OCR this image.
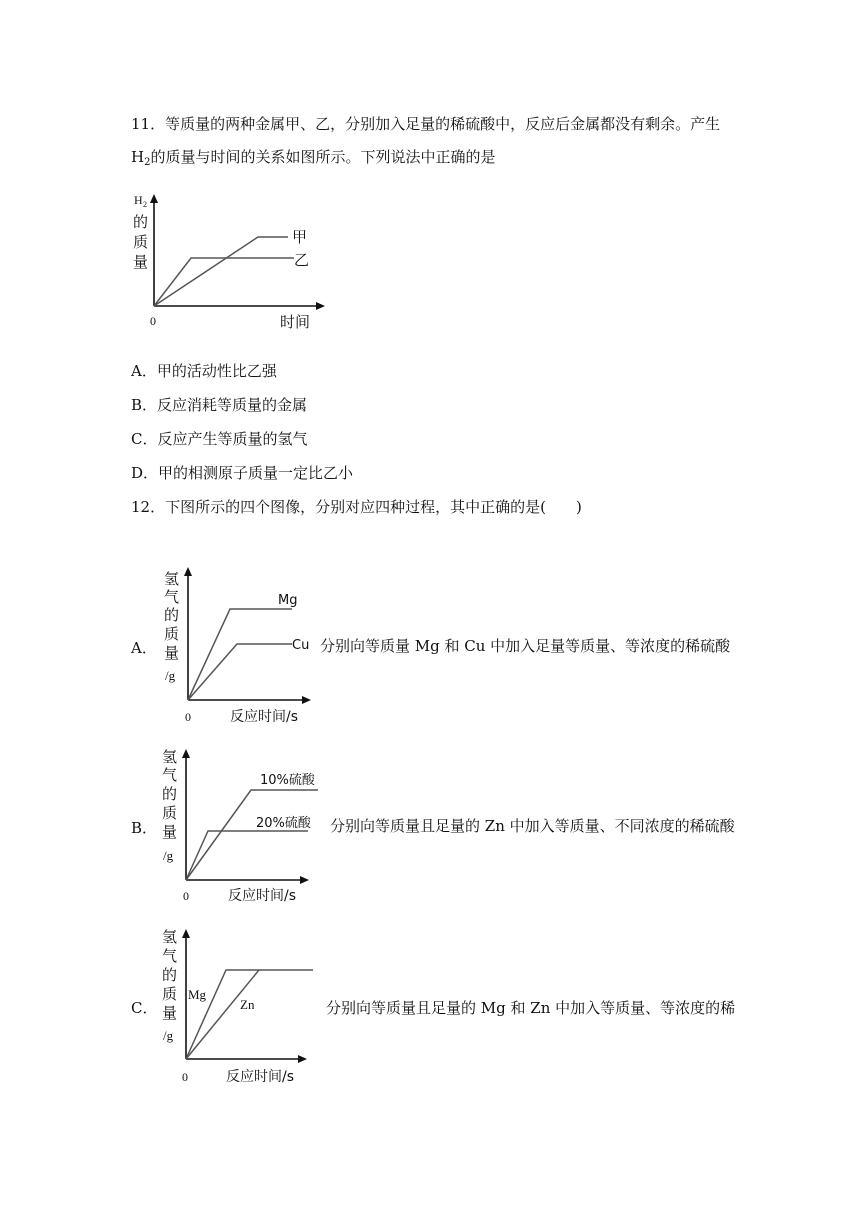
11．等质量的两种金属甲、乙，分别加入足量的稀硫酸中，反应后金属都没有剩余。产生
$H_2$的质量与时间的关系如图所示。下列说法中正确的是
H 2
的
质
量
甲
乙
0	时间
A．甲的活动性比乙强
B．反应消耗等质量的金属
C．反应产生等质量的氢气
D．甲的相测原子质量一定比乙小
12．下图所示的四个图像，分别对应四种过程，其中正确的是(　　)
氢
气
的
质
量
/g
Mg
Cu
0	反应时间/s
A．	分别向等质量 Mg 和 Cu 中加入足量等质量、等浓度的稀硫酸
氢
气
的
质
量
/g
10%硫酸
20%硫酸
0	反应时间/s
B．	分别向等质量且足量的 Zn 中加入等质量、不同浓度的稀硫酸
氢
气
的
质
量
/g
Mg
Zn
0	反应时间/s
C．	分别向等质量且足量的 Mg 和 Zn 中加入等质量、等浓度的稀
